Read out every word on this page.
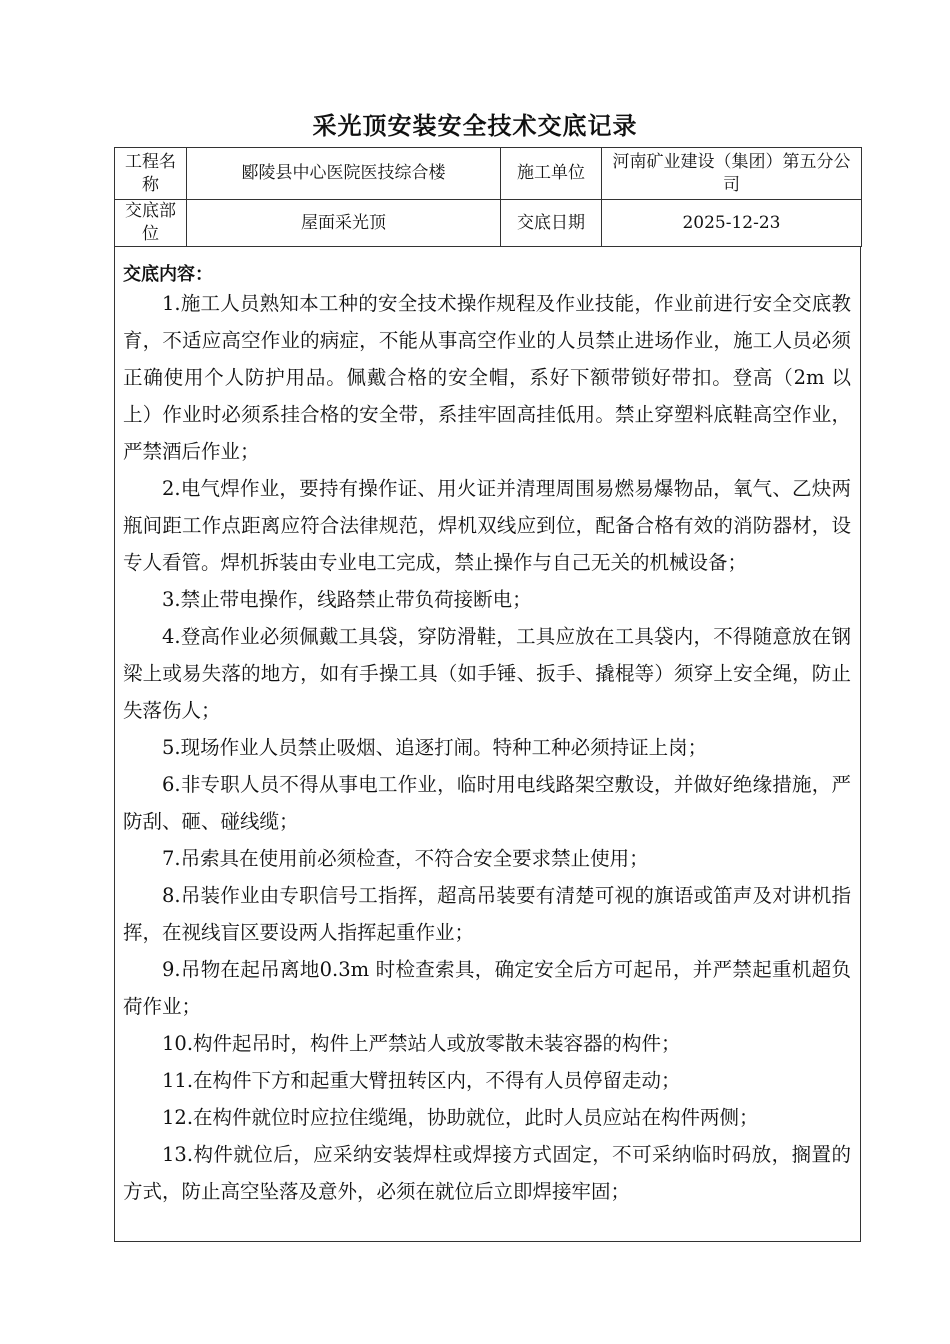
采光顶安装安全技术交底记录
工程名称	郾陵县中心医院医技综合楼	施工单位	河南矿业建设（集团）第五分公司
交底部位	屋面采光顶	交底日期	2025-12-23
交底内容：

1.施工人员熟知本工种的安全技术操作规程及作业技能，作业前进行安全交底教育，不适应高空作业的病症，不能从事高空作业的人员禁止进场作业，施工人员必须正确使用个人防护用品。佩戴合格的安全帽，系好下额带锁好带扣。登高（2m 以上）作业时必须系挂合格的安全带，系挂牢固高挂低用。禁止穿塑料底鞋高空作业，严禁酒后作业；

2.电气焊作业，要持有操作证、用火证并清理周围易燃易爆物品，氧气、乙炔两瓶间距工作点距离应符合法律规范，焊机双线应到位，配备合格有效的消防器材，设专人看管。焊机拆装由专业电工完成，禁止操作与自己无关的机械设备；

3.禁止带电操作，线路禁止带负荷接断电；

4.登高作业必须佩戴工具袋，穿防滑鞋，工具应放在工具袋内，不得随意放在钢梁上或易失落的地方，如有手操工具（如手锤、扳手、撬棍等）须穿上安全绳，防止失落伤人；

5.现场作业人员禁止吸烟、追逐打闹。特种工种必须持证上岗；

6.非专职人员不得从事电工作业，临时用电线路架空敷设，并做好绝缘措施，严防刮、砸、碰线缆；

7.吊索具在使用前必须检查，不符合安全要求禁止使用；

8.吊装作业由专职信号工指挥，超高吊装要有清楚可视的旗语或笛声及对讲机指挥，在视线盲区要设两人指挥起重作业；

9.吊物在起吊离地0.3m 时检查索具，确定安全后方可起吊，并严禁起重机超负荷作业；

10.构件起吊时，构件上严禁站人或放零散未装容器的构件；

11.在构件下方和起重大臂扭转区内，不得有人员停留走动；

12.在构件就位时应拉住缆绳，协助就位，此时人员应站在构件两侧；

13.构件就位后，应采纳安装焊柱或焊接方式固定，不可采纳临时码放，搁置的方式，防止高空坠落及意外，必须在就位后立即焊接牢固；
